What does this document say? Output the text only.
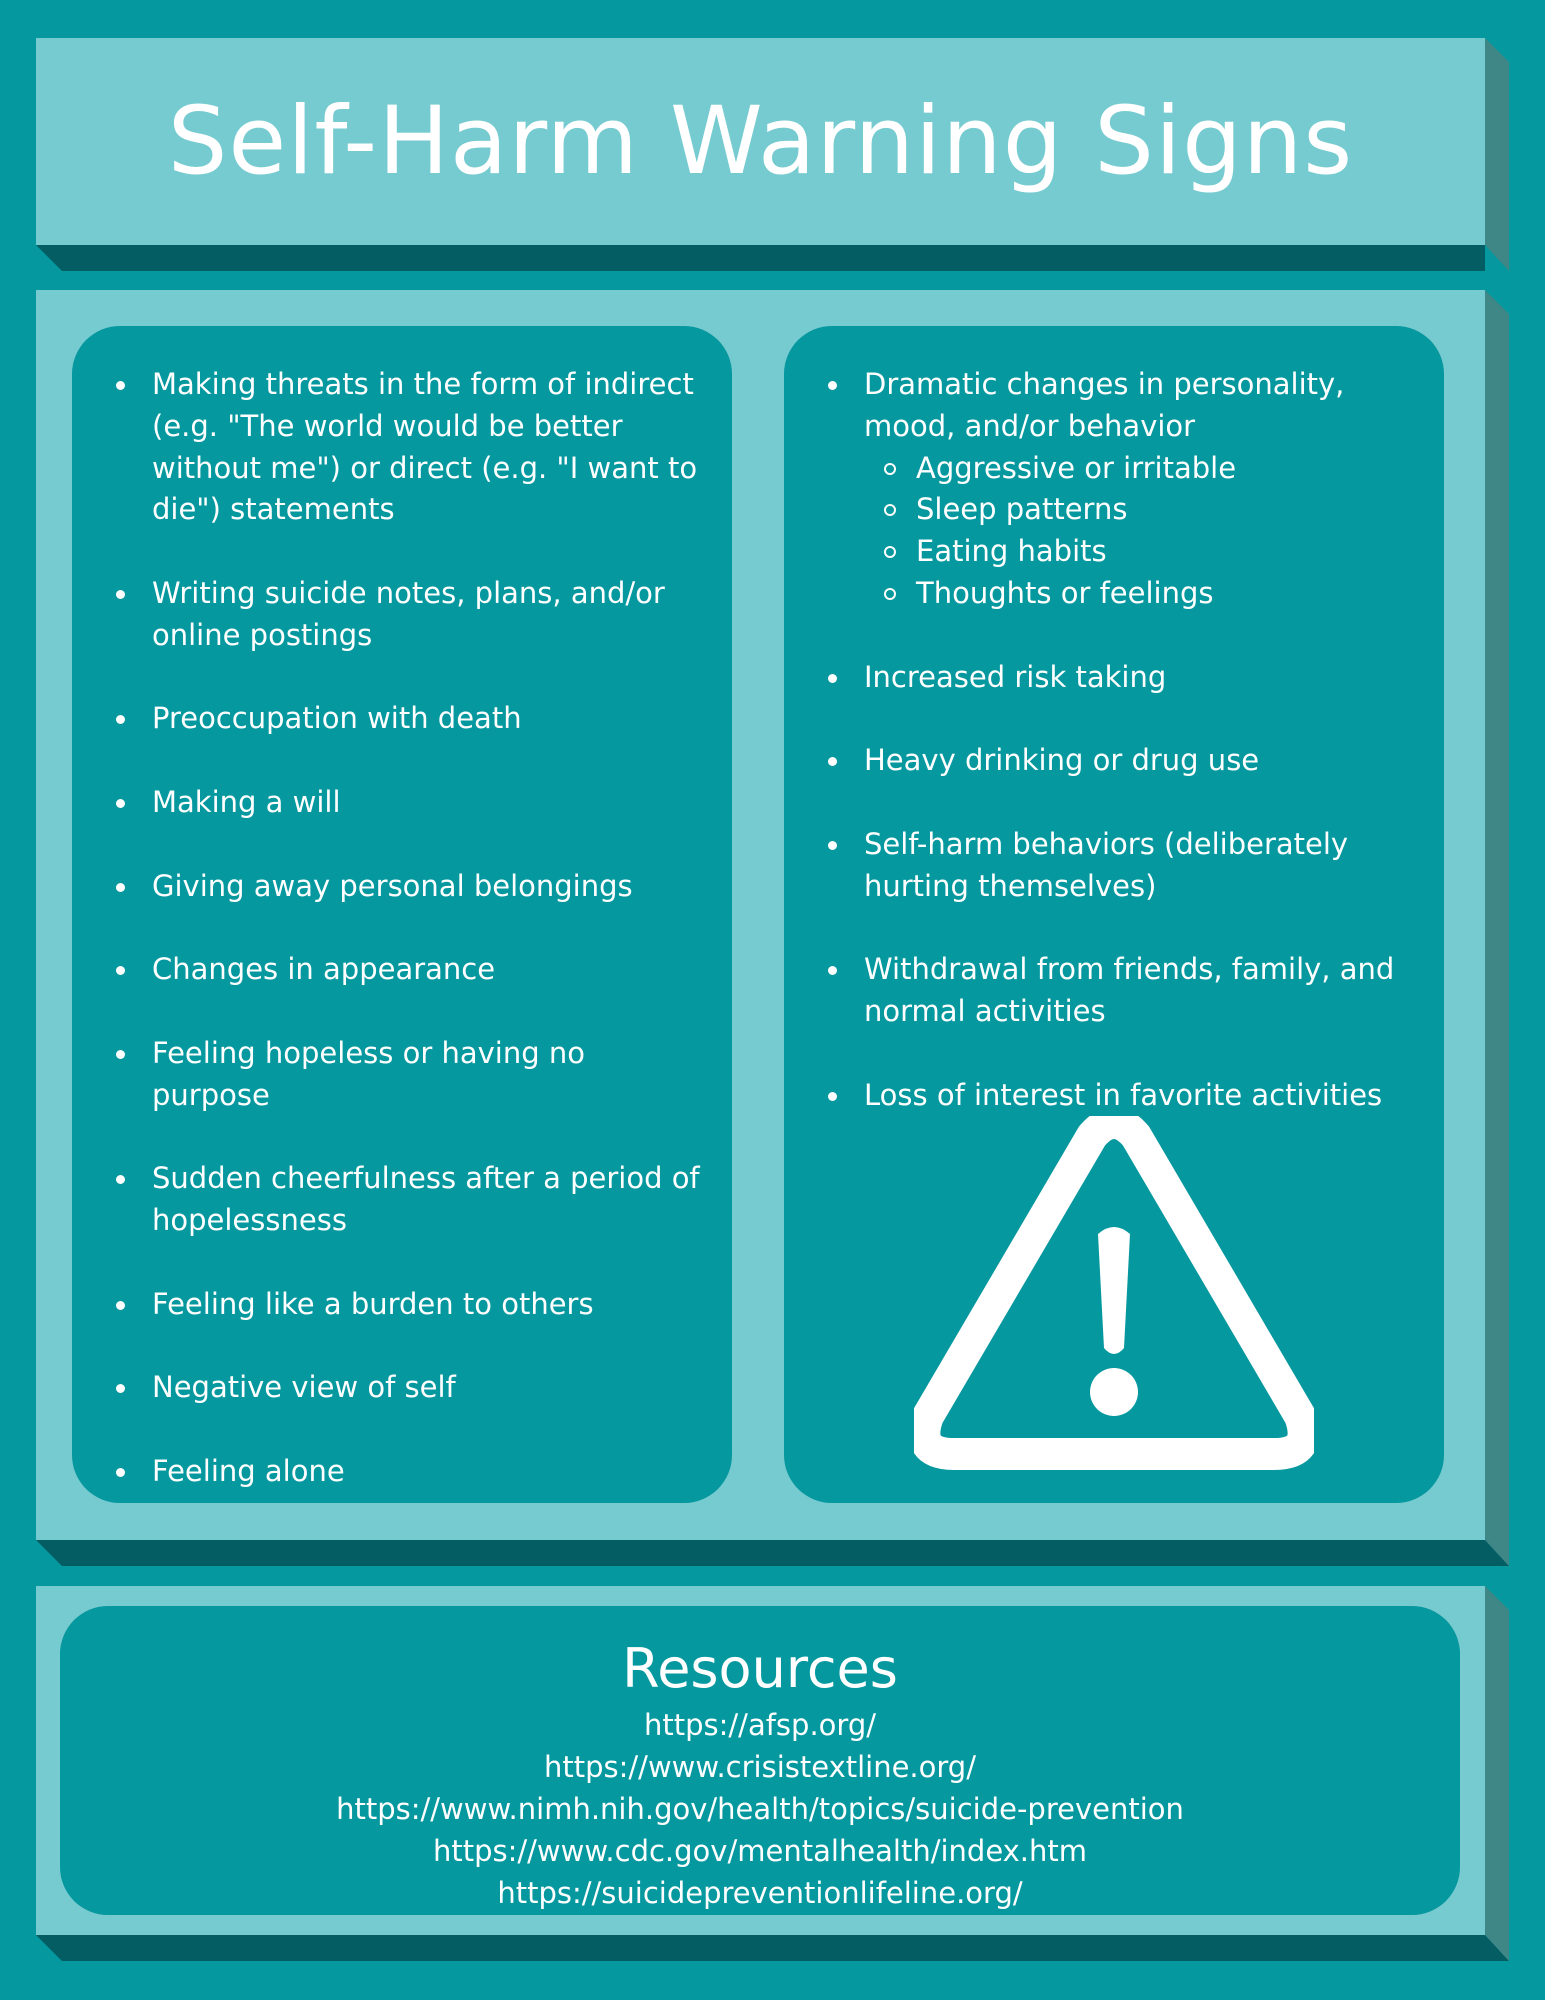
Self-Harm Warning Signs
Making threats in the form of indirect (e.g. "The world would be better without me") or direct (e.g. "I want to die") statements
Writing suicide notes, plans, and/or online postings
Preoccupation with death
Making a will
Giving away personal belongings
Changes in appearance
Feeling hopeless or having no purpose
Sudden cheerfulness after a period of hopelessness
Feeling like a burden to others
Negative view of self
Feeling alone
Dramatic changes in personality, mood, and/or behavior
Aggressive or irritable
Sleep patterns
Eating habits
Thoughts or feelings
Increased risk taking
Heavy drinking or drug use
Self-harm behaviors (deliberately hurting themselves)
Withdrawal from friends, family, and normal activities
Loss of interest in favorite activities
Resources
https://afsp.org/
https://www.crisistextline.org/
https://www.nimh.nih.gov/health/topics/suicide-prevention
https://www.cdc.gov/mentalhealth/index.htm
https://suicidepreventionlifeline.org/
